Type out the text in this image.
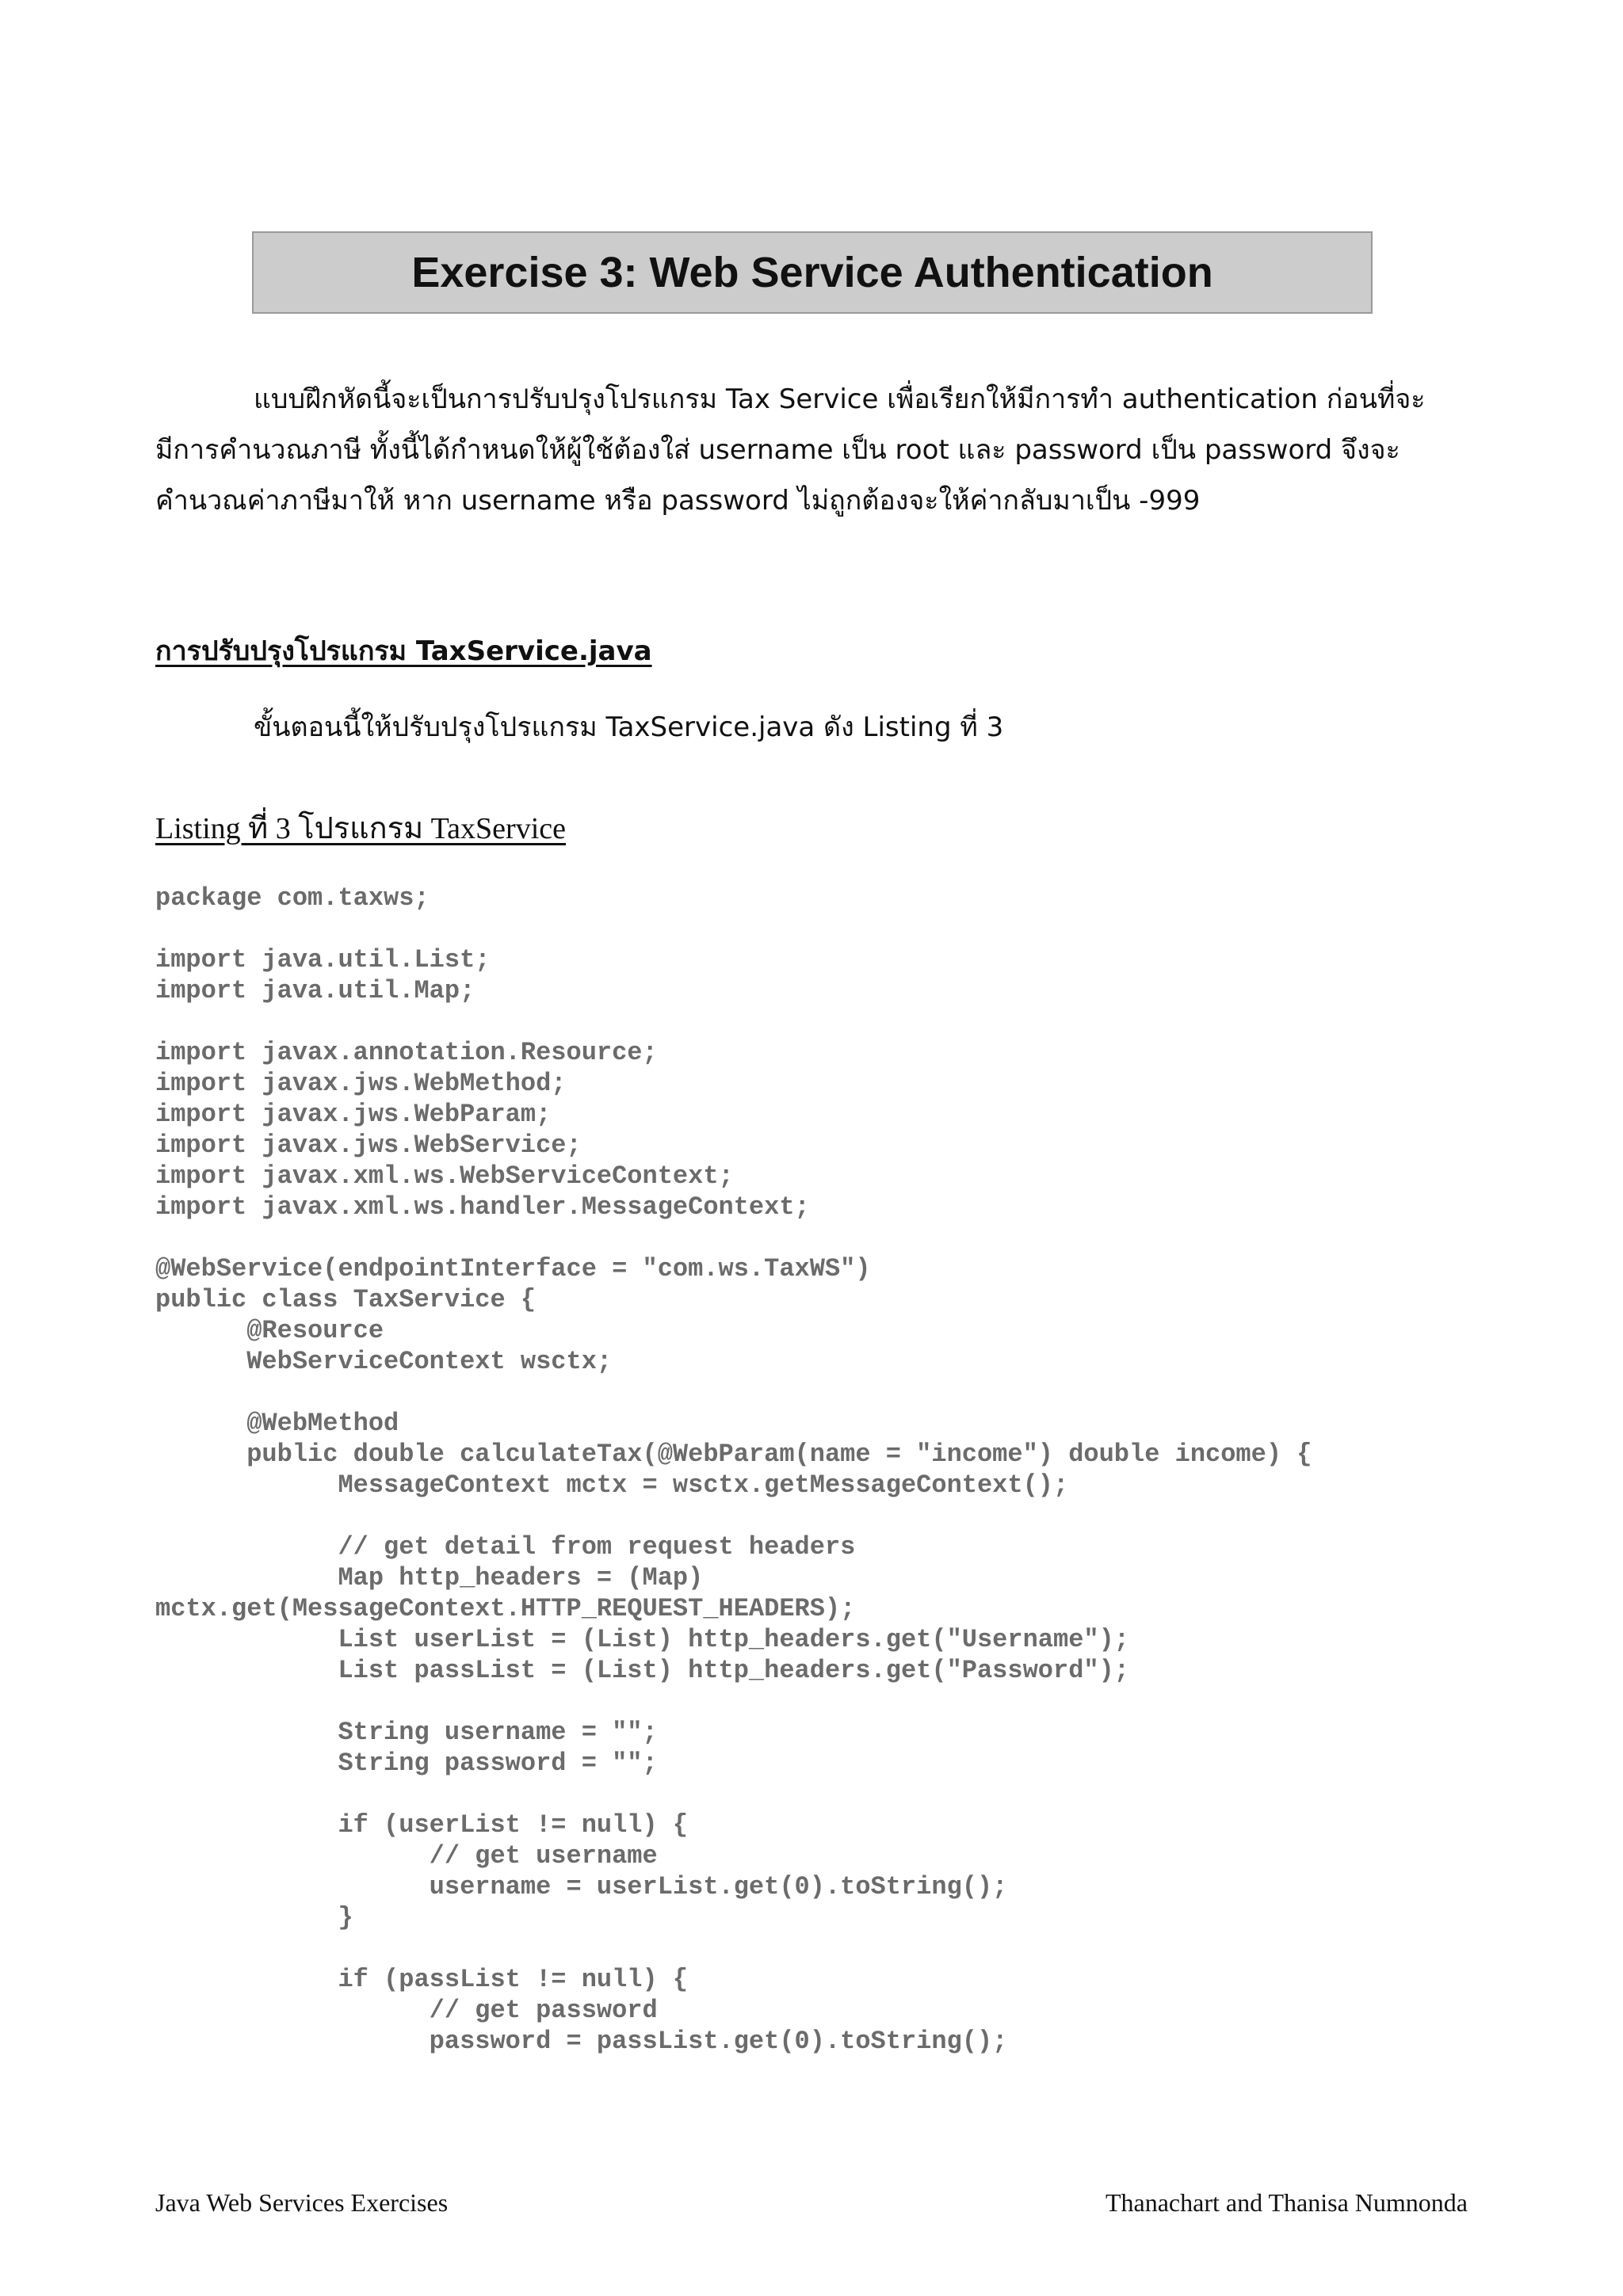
Exercise 3: Web Service Authentication
แบบฝึกหัดนี้จะเป็นการปรับปรุงโปรแกรม Tax Service เพื่อเรียกให้มีการทำ authentication ก่อนที่จะ
มีการคำนวณภาษี ทั้งนี้ได้กำหนดให้ผู้ใช้ต้องใส่ username เป็น root และ password เป็น password จึงจะ
คำนวณค่าภาษีมาให้ หาก username หรือ password ไม่ถูกต้องจะให้ค่ากลับมาเป็น -999
การปรับปรุงโปรแกรม TaxService.java
ขั้นตอนนี้ให้ปรับปรุงโปรแกรม TaxService.java ดัง Listing ที่ 3
Listing ที่ 3 โปรแกรม TaxService
package com.taxws;

import java.util.List;
import java.util.Map;

import javax.annotation.Resource;
import javax.jws.WebMethod;
import javax.jws.WebParam;
import javax.jws.WebService;
import javax.xml.ws.WebServiceContext;
import javax.xml.ws.handler.MessageContext;

@WebService(endpointInterface = "com.ws.TaxWS")
public class TaxService {
@Resource
WebServiceContext wsctx;

@WebMethod
public double calculateTax(@WebParam(name = "income") double income) {
MessageContext mctx = wsctx.getMessageContext();

// get detail from request headers
Map http_headers = (Map)
mctx.get(MessageContext.HTTP_REQUEST_HEADERS);
List userList = (List) http_headers.get("Username");
List passList = (List) http_headers.get("Password");

String username = "";
String password = "";

if (userList != null) {
// get username
username = userList.get(0).toString();
}

if (passList != null) {
// get password
password = passList.get(0).toString();
Java Web Services Exercises	Thanachart and Thanisa Numnonda
